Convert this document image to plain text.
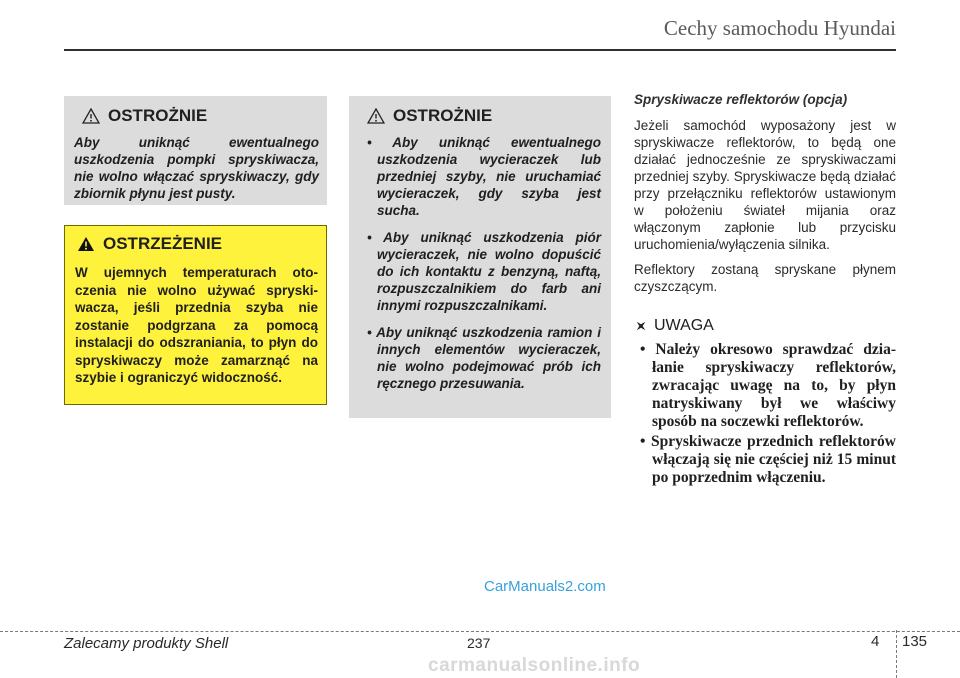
Cechy samochodu Hyundai
OSTROŻNIE
Aby uniknąć ewentualnego uszkodzenia pompki spryskiwacza, nie wolno włączać spryskiwaczy, gdy zbiornik płynu jest pusty.
OSTRZEŻENIE
W ujemnych temperaturach otoczenia nie wolno używać spryskiwacza, jeśli przednia szyba nie zostanie podgrzana za pomocą instalacji do odszraniania, to płyn do spryskiwaczy może zamarznąć na szybie i ograniczyć widoczność.
OSTROŻNIE

• Aby uniknąć ewentualnego uszkodzenia wycieraczek lub przedniej szyby, nie uruchamiać wycieraczek, gdy szyba jest sucha.

• Aby uniknąć uszkodzenia piór wycieraczek, nie wolno dopuścić do ich kontaktu z benzyną, naftą, rozpuszczalnikiem do farb ani innymi rozpuszczalnikami.

• Aby uniknąć uszkodzenia ramion i innych elementów wycieraczek, nie wolno podejmować prób ich ręcznego przesuwania.

Spryskiwacze reflektorów (opcja)

Jeżeli samochód wyposażony jest w spryskiwacze reflektorów, to będą one działać jednocześnie ze spryskiwaczami przedniej szyby. Spryskiwacze będą działać przy przełączniku reflektorów ustawionym w położeniu świateł mijania oraz włączonym zapłonie lub przycisku uruchomienia/wyłączenia silnika.

Reflektory zostaną spryskane płynem czyszczącym.

UWAGA

• Należy okresowo sprawdzać działanie spryskiwaczy reflektorów, zwracając uwagę na to, by płyn natryskiwany był we właściwy sposób na soczewki reflektorów.

• Spryskiwacze przednich reflektorów włączają się nie częściej niż 15 minut po poprzednim włączeniu.

CarManuals2.com
Zalecamy produkty Shell	237	4 135
carmanualsonline.info
